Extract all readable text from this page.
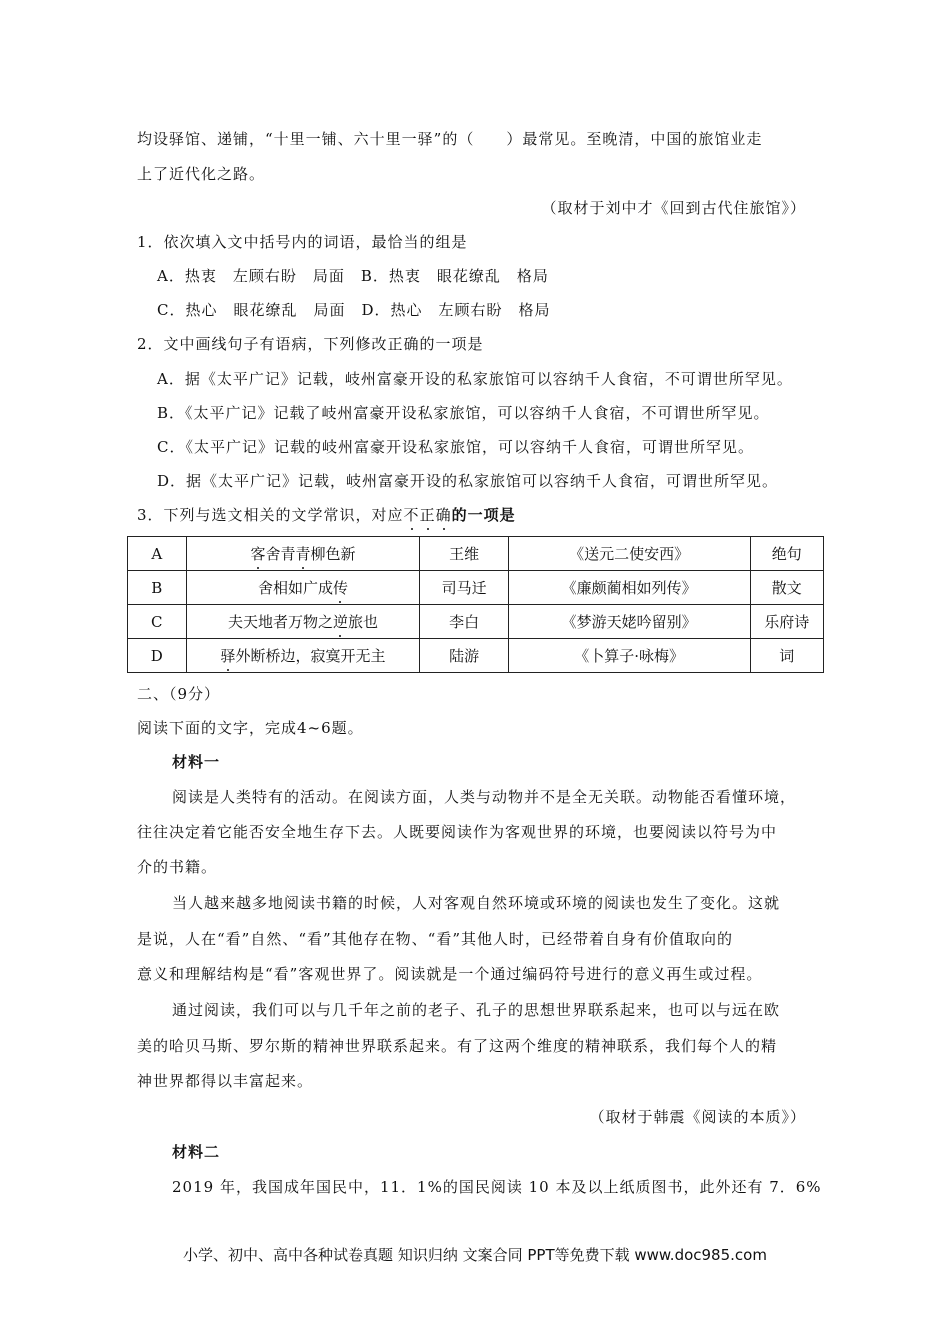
均设驿馆、递铺，“十里一铺、六十里一驿”的（　　）最常见。至晚清，中国的旅馆业走
上了近代化之路。
（取材于刘中才《回到古代住旅馆》）
1．依次填入文中括号内的词语，最恰当的组是
A．热衷　左顾右盼　局面　B．热衷　眼花缭乱　格局
C．热心　眼花缭乱　局面　D．热心　左顾右盼　格局
2．文中画线句子有语病，下列修改正确的一项是
A．据《太平广记》记载，岐州富豪开设的私家旅馆可以容纳千人食宿，不可谓世所罕见。
B．《太平广记》记载了岐州富豪开设私家旅馆，可以容纳千人食宿，不可谓世所罕见。
C．《太平广记》记载的岐州富豪开设私家旅馆，可以容纳千人食宿，可谓世所罕见。
D．据《太平广记》记载，岐州富豪开设的私家旅馆可以容纳千人食宿，可谓世所罕见。
3．下列与选文相关的文学常识，对应不正确的一项是
A	客舍青青柳色新	王维	《送元二使安西》	绝句
B	舍相如广成传	司马迁	《廉颇蔺相如列传》	散文
C	夫天地者万物之逆旅也	李白	《梦游天姥吟留别》	乐府诗
D	驿外断桥边，寂寞开无主	陆游	《卜算子·咏梅》	词
二、（9分）
阅读下面的文字，完成4~6题。
材料一
阅读是人类特有的活动。在阅读方面，人类与动物并不是全无关联。动物能否看懂环境，
往往决定着它能否安全地生存下去。人既要阅读作为客观世界的环境，也要阅读以符号为中
介的书籍。
当人越来越多地阅读书籍的时候，人对客观自然环境或环境的阅读也发生了变化。这就
是说，人在“看”自然、“看”其他存在物、“看”其他人时，已经带着自身有价值取向的
意义和理解结构是“看”客观世界了。阅读就是一个通过编码符号进行的意义再生或过程。
通过阅读，我们可以与几千年之前的老子、孔子的思想世界联系起来，也可以与远在欧
美的哈贝马斯、罗尔斯的精神世界联系起来。有了这两个维度的精神联系，我们每个人的精
神世界都得以丰富起来。
（取材于韩震《阅读的本质》）
材料二
2019 年，我国成年国民中，11．1%的国民阅读 10 本及以上纸质图书，此外还有 7．6%
小学、初中、高中各种试卷真题 知识归纳 文案合同 PPT等免费下载 www.doc985.com
